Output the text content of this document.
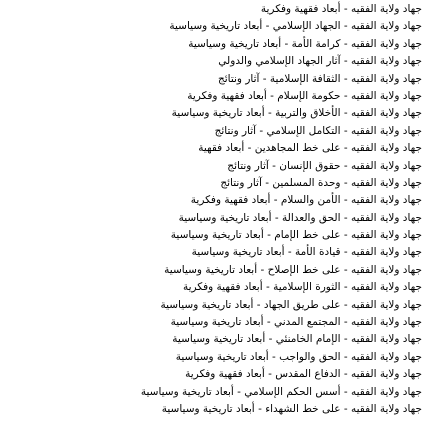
جهاد ولاية الفقيه - أبعاد فقهية وفكرية
جهاد ولاية الفقيه - الجهاد الإسلامي - أبعاد تاريخية وسياسية
جهاد ولاية الفقيه - كرامة الأمة - أبعاد تاريخية وسياسية
جهاد ولاية الفقيه - آثار الجهاد الإسلامي والدولي
جهاد ولاية الفقيه - الثقافة الإسلامية - آثار ونتائج
جهاد ولاية الفقيه - حكومة الإسلام - أبعاد فقهية وفكرية
جهاد ولاية الفقيه - الأخلاق والتربية - أبعاد تاريخية وسياسية
جهاد ولاية الفقيه - التكامل الإسلامي - آثار ونتائج
جهاد ولاية الفقيه - على خط المجاهدين - أبعاد فقهية
جهاد ولاية الفقيه - حقوق الإنسان - آثار ونتائج
جهاد ولاية الفقيه - وحدة المسلمين - آثار ونتائج
جهاد ولاية الفقيه - الأمن والسلام - أبعاد فقهية وفكرية
جهاد ولاية الفقيه - الحق والعدالة - أبعاد تاريخية وسياسية
جهاد ولاية الفقيه - على خط الإمام - أبعاد تاريخية وسياسية
جهاد ولاية الفقيه - قيادة الأمة - أبعاد تاريخية وسياسية
جهاد ولاية الفقيه - على خط الإصلاح - أبعاد تاريخية وسياسية
جهاد ولاية الفقيه - الثورة الإسلامية - أبعاد فقهية وفكرية
جهاد ولاية الفقيه - على طريق الجهاد - أبعاد تاريخية وسياسية
جهاد ولاية الفقيه - المجتمع المدني - أبعاد تاريخية وسياسية
جهاد ولاية الفقيه - الإمام الخامنئي - أبعاد تاريخية وسياسية
جهاد ولاية الفقيه - الحق والواجب - أبعاد تاريخية وسياسية
جهاد ولاية الفقيه - الدفاع المقدس - أبعاد فقهية وفكرية
جهاد ولاية الفقيه - أسس الحكم الإسلامي - أبعاد تاريخية وسياسية
جهاد ولاية الفقيه - على خط الشهداء - أبعاد تاريخية وسياسية
